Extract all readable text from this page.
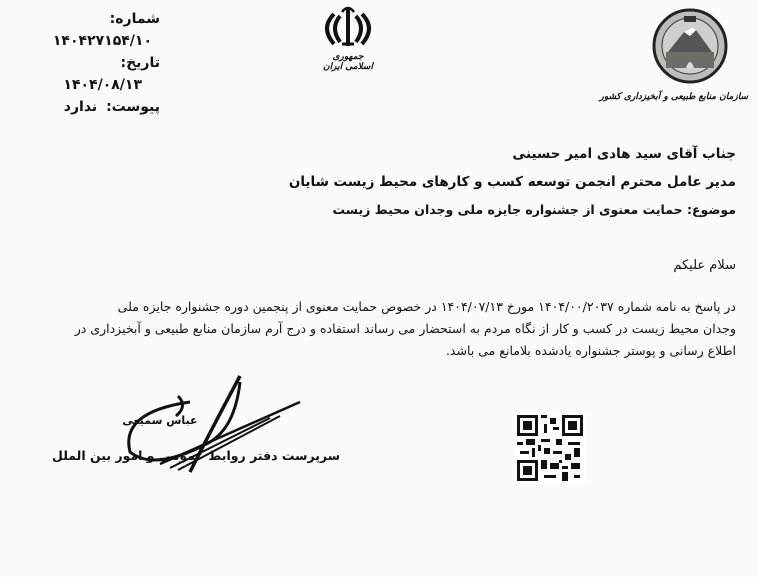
شماره: ۱۴۰۴۲۷۱۵۴/۱۰
تاریخ: ۱۴۰۴/۰۸/۱۳
پیوست: ندارد
جمهوری اسلامی ایران
سازمان منابع طبیعی و آبخیزداری کشور
جناب آقای سید هادی امیر حسینی
مدیر عامل محترم انجمن توسعه کسب و کارهای محیط زیست شایان
موضوع: حمایت معنوی از جشنواره جایزه ملی وجدان محیط زیست
سلام علیکم
در پاسخ به نامه شماره ۱۴۰۴/۰۰/۲۰۳۷ مورخ ۱۴۰۴/۰۷/۱۳ در خصوص حمایت معنوی از پنجمین دوره جشنواره جایزه ملی
وجدان محیط زیست در کسب و کار از نگاه مردم به استحضار می رساند استفاده و درج آرم سازمان منابع طبیعی و آبخیزداری در
اطلاع رسانی و پوستر جشنواره یادشده بلامانع می باشد.
عباس سمیعی
سرپرست دفتر روابط عمومی و امور بین الملل
